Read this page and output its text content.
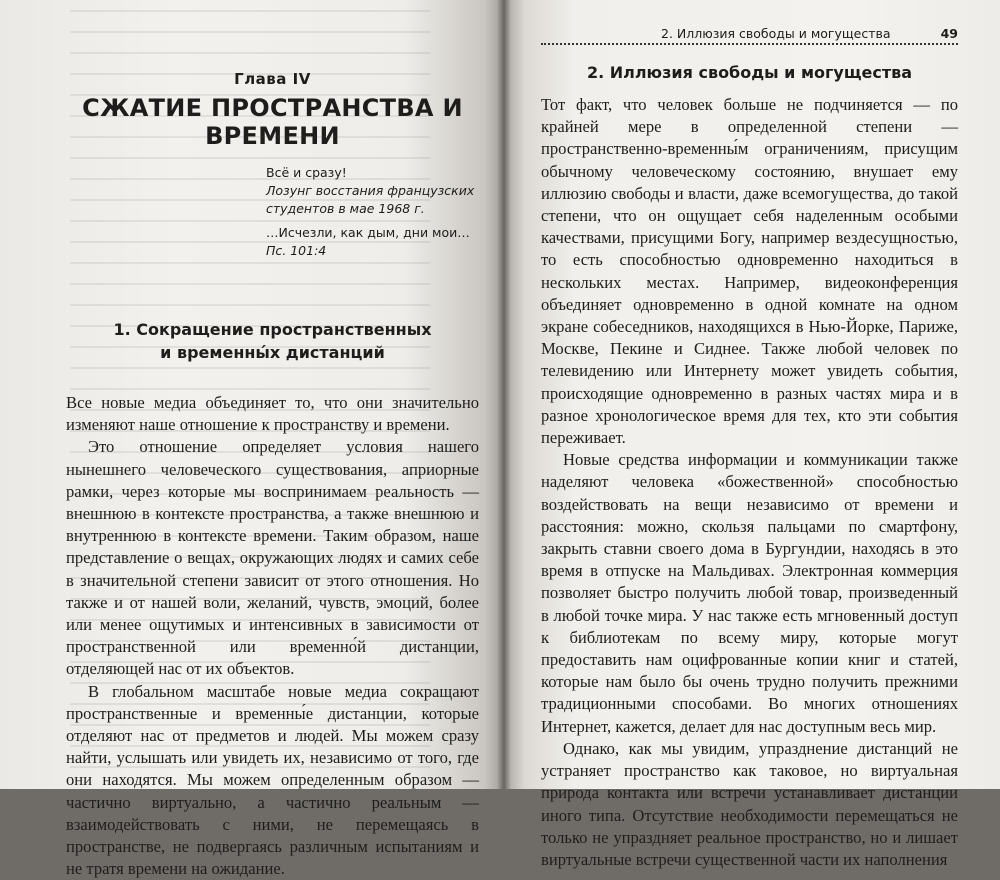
Глава IV

СЖАТИЕ ПРОСТРАНСТВА И ВРЕМЕНИ

Всё и сразу!

Лозунг восстания французских
студентов в мае 1968 г.

…Исчезли, как дым, дни мои…

Пс. 101:4

1. Сокращение пространственных
и временны́х дистанций

Все новые медиа объединяет то, что они значительно изменяют наше отношение к пространству и времени.

Это отношение определяет условия нашего нынешнего человеческого существования, априорные рамки, через которые мы воспринимаем реальность — внешнюю в контексте пространства, а также внешнюю и внутреннюю в контексте времени. Таким образом, наше представление о вещах, окружающих людях и самих себе в значительной степени зависит от этого отношения. Но также и от нашей воли, желаний, чувств, эмоций, более или менее ощутимых и интенсивных в зависимости от пространственной или временно́й дистанции, отделяющей нас от их объектов.

В глобальном масштабе новые медиа сокращают пространственные и временны́е дистанции, которые отделяют нас от предметов и людей. Мы можем сразу найти, услышать или увидеть их, независимо от того, где они находятся. Мы можем определенным образом — частично виртуально, а частично реальным — взаимодействовать с ними, не перемещаясь в пространстве, не подвергаясь различным испытаниям и не тратя времени на ожидание.

2. Иллюзия свободы и могущества	49
2. Иллюзия свободы и могущества

Тот факт, что человек больше не подчиняется — по крайней мере в определенной степени — пространственно-временны́м ограничениям, присущим обычному человеческому состоянию, внушает ему иллюзию свободы и власти, даже всемогущества, до такой степени, что он ощущает себя наделенным особыми качествами, присущими Богу, например вездесущностью, то есть способностью одновременно находиться в нескольких местах. Например, видеоконференция объединяет одновременно в одной комнате на одном экране собеседников, находящихся в Нью-Йорке, Париже, Москве, Пекине и Сиднее. Также любой человек по телевидению или Интернету может увидеть события, происходящие одновременно в разных частях мира и в разное хронологическое время для тех, кто эти события переживает.

Новые средства информации и коммуникации также наделяют человека «божественной» способностью воздействовать на вещи независимо от времени и расстояния: можно, скользя пальцами по смартфону, закрыть ставни своего дома в Бургундии, находясь в это время в отпуске на Мальдивах. Электронная коммерция позволяет быстро получить любой товар, произведенный в любой точке мира. У нас также есть мгновенный доступ к библиотекам по всему миру, которые могут предоставить нам оцифрованные копии книг и статей, которые нам было бы очень трудно получить прежними традиционными способами. Во многих отношениях Интернет, кажется, делает для нас доступным весь мир.

Однако, как мы увидим, упразднение дистанций не устраняет пространство как таковое, но виртуальная природа контакта или встречи устанавливает дистанции иного типа. Отсутствие необходимости перемещаться не только не упраздняет реальное пространство, но и лишает виртуальные встречи существенной части их наполнения
